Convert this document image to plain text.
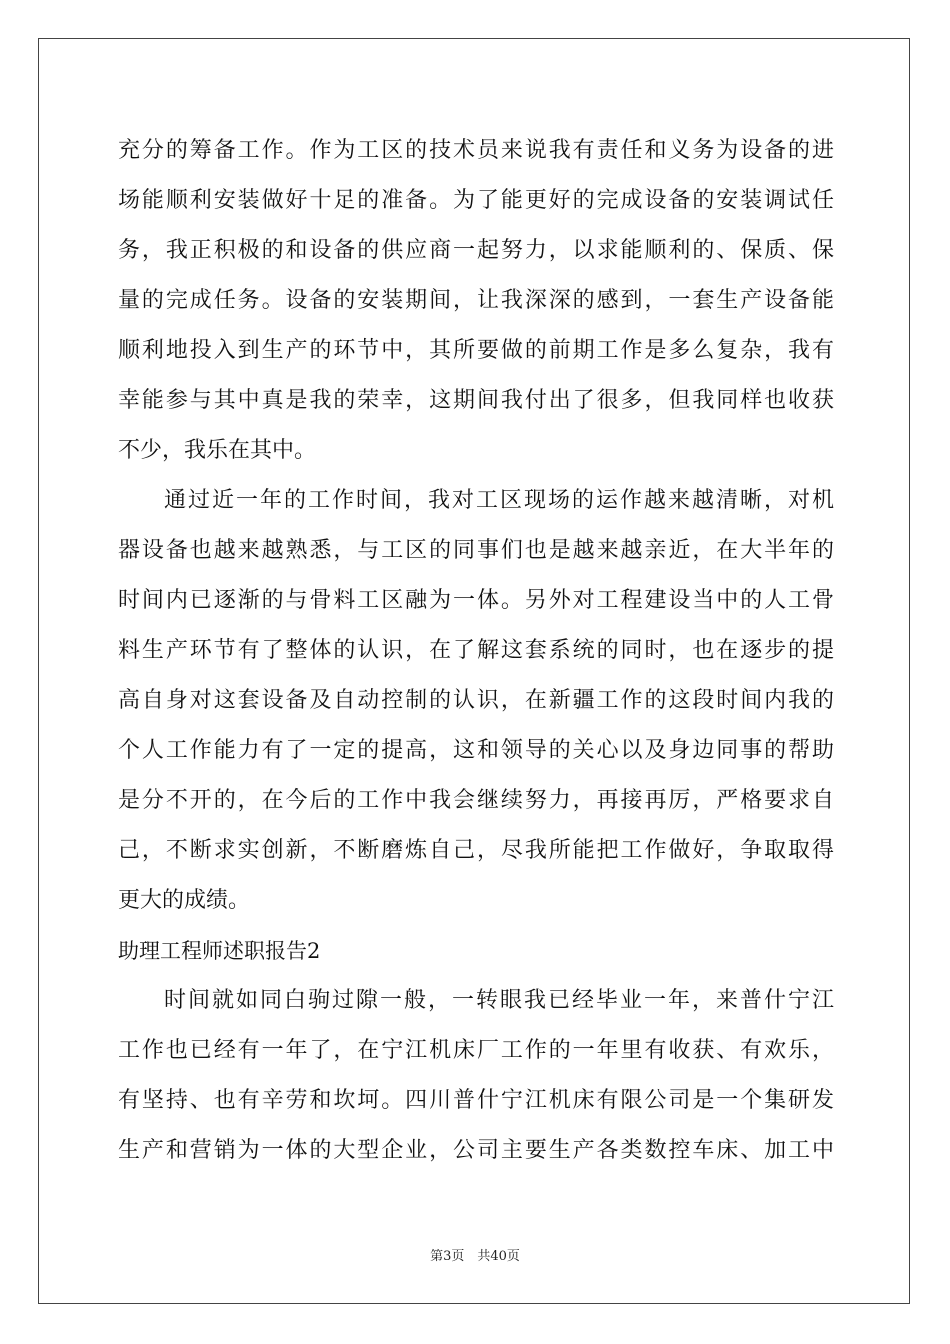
充分的筹备工作。作为工区的技术员来说我有责任和义务为设备的进
场能顺利安装做好十足的准备。为了能更好的完成设备的安装调试任
务，我正积极的和设备的供应商一起努力，以求能顺利的、保质、保
量的完成任务。设备的安装期间，让我深深的感到，一套生产设备能
顺利地投入到生产的环节中，其所要做的前期工作是多么复杂，我有
幸能参与其中真是我的荣幸，这期间我付出了很多，但我同样也收获
不少，我乐在其中。
通过近一年的工作时间，我对工区现场的运作越来越清晰，对机
器设备也越来越熟悉，与工区的同事们也是越来越亲近，在大半年的
时间内已逐渐的与骨料工区融为一体。另外对工程建设当中的人工骨
料生产环节有了整体的认识，在了解这套系统的同时，也在逐步的提
高自身对这套设备及自动控制的认识，在新疆工作的这段时间内我的
个人工作能力有了一定的提高，这和领导的关心以及身边同事的帮助
是分不开的，在今后的工作中我会继续努力，再接再厉，严格要求自
己，不断求实创新，不断磨炼自己，尽我所能把工作做好，争取取得
更大的成绩。
助理工程师述职报告2
时间就如同白驹过隙一般，一转眼我已经毕业一年，来普什宁江
工作也已经有一年了，在宁江机床厂工作的一年里有收获、有欢乐，
有坚持、也有辛劳和坎坷。四川普什宁江机床有限公司是一个集研发
生产和营销为一体的大型企业，公司主要生产各类数控车床、加工中
第3页　共40页
